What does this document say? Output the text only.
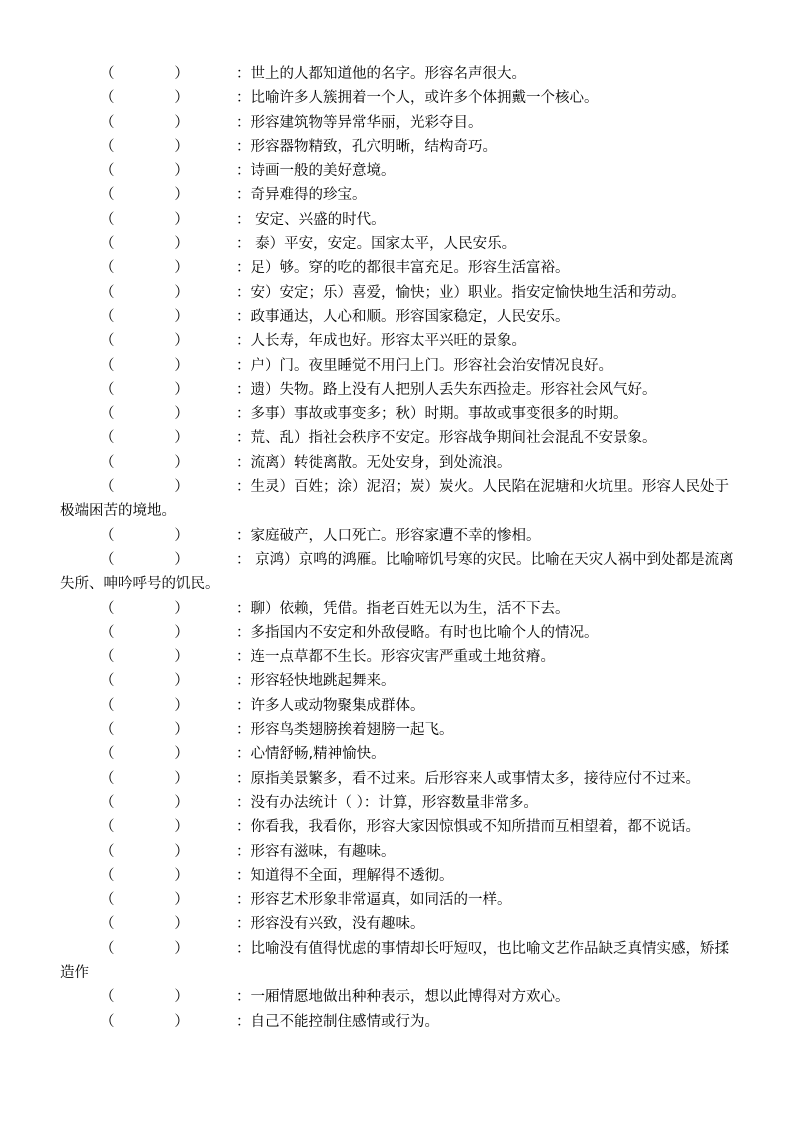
（             ）	：世上的人都知道他的名字。形容名声很大。
（             ）	：比喻许多人簇拥着一个人，或许多个体拥戴一个核心。
（             ）	：形容建筑物等异常华丽，光彩夺目。
（             ）	：形容器物精致，孔穴明晰，结构奇巧。
（             ）	：诗画一般的美好意境。
（             ）	：奇异难得的珍宝。
（             ）	： 安定、兴盛的时代。
（             ）	： 泰）平安，安定。国家太平，人民安乐。
（             ）	：足）够。穿的吃的都很丰富充足。形容生活富裕。
（             ）	：安）安定；乐）喜爱，愉快；业）职业。指安定愉快地生活和劳动。
（             ）	：政事通达，人心和顺。形容国家稳定，人民安乐。
（             ）	：人长寿，年成也好。形容太平兴旺的景象。
（             ）	：户）门。夜里睡觉不用闩上门。形容社会治安情况良好。
（             ）	：遗）失物。路上没有人把别人丢失东西捡走。形容社会风气好。
（             ）	：多事）事故或事变多；秋）时期。事故或事变很多的时期。
（             ）	：荒、乱）指社会秩序不安定。形容战争期间社会混乱不安景象。
（             ）	：流离）转徙离散。无处安身，到处流浪。
（             ）	：生灵）百姓；涂）泥沼；炭）炭火。人民陷在泥塘和火坑里。形容人民处于极端困苦的境地。
（             ）	：家庭破产，人口死亡。形容家遭不幸的惨相。
（             ）	： 京鸿）京鸣的鸿雁。比喻啼饥号寒的灾民。比喻在天灾人祸中到处都是流离失所、呻吟呼号的饥民。
（             ）	：聊）依赖，凭借。指老百姓无以为生，活不下去。
（             ）	：多指国内不安定和外敌侵略。有时也比喻个人的情况。
（             ）	：连一点草都不生长。形容灾害严重或土地贫瘠。
（             ）	：形容轻快地跳起舞来。
（             ）	：许多人或动物聚集成群体。
（             ）	：形容鸟类翅膀挨着翅膀一起飞。
（             ）	：心情舒畅,精神愉快。
（             ）	：原指美景繁多，看不过来。后形容来人或事情太多，接待应付不过来。
（             ）	：没有办法统计（ ）：计算，形容数量非常多。
（             ）	：你看我，我看你，形容大家因惊惧或不知所措而互相望着，都不说话。
（             ）	：形容有滋味，有趣味。
（             ）	：知道得不全面，理解得不透彻。
（             ）	：形容艺术形象非常逼真，如同活的一样。
（             ）	：形容没有兴致，没有趣味。
（             ）	：比喻没有值得忧虑的事情却长吁短叹，也比喻文艺作品缺乏真情实感，矫揉造作
（             ）	：一厢情愿地做出种种表示，想以此博得对方欢心。
（             ）	：自己不能控制住感情或行为。
